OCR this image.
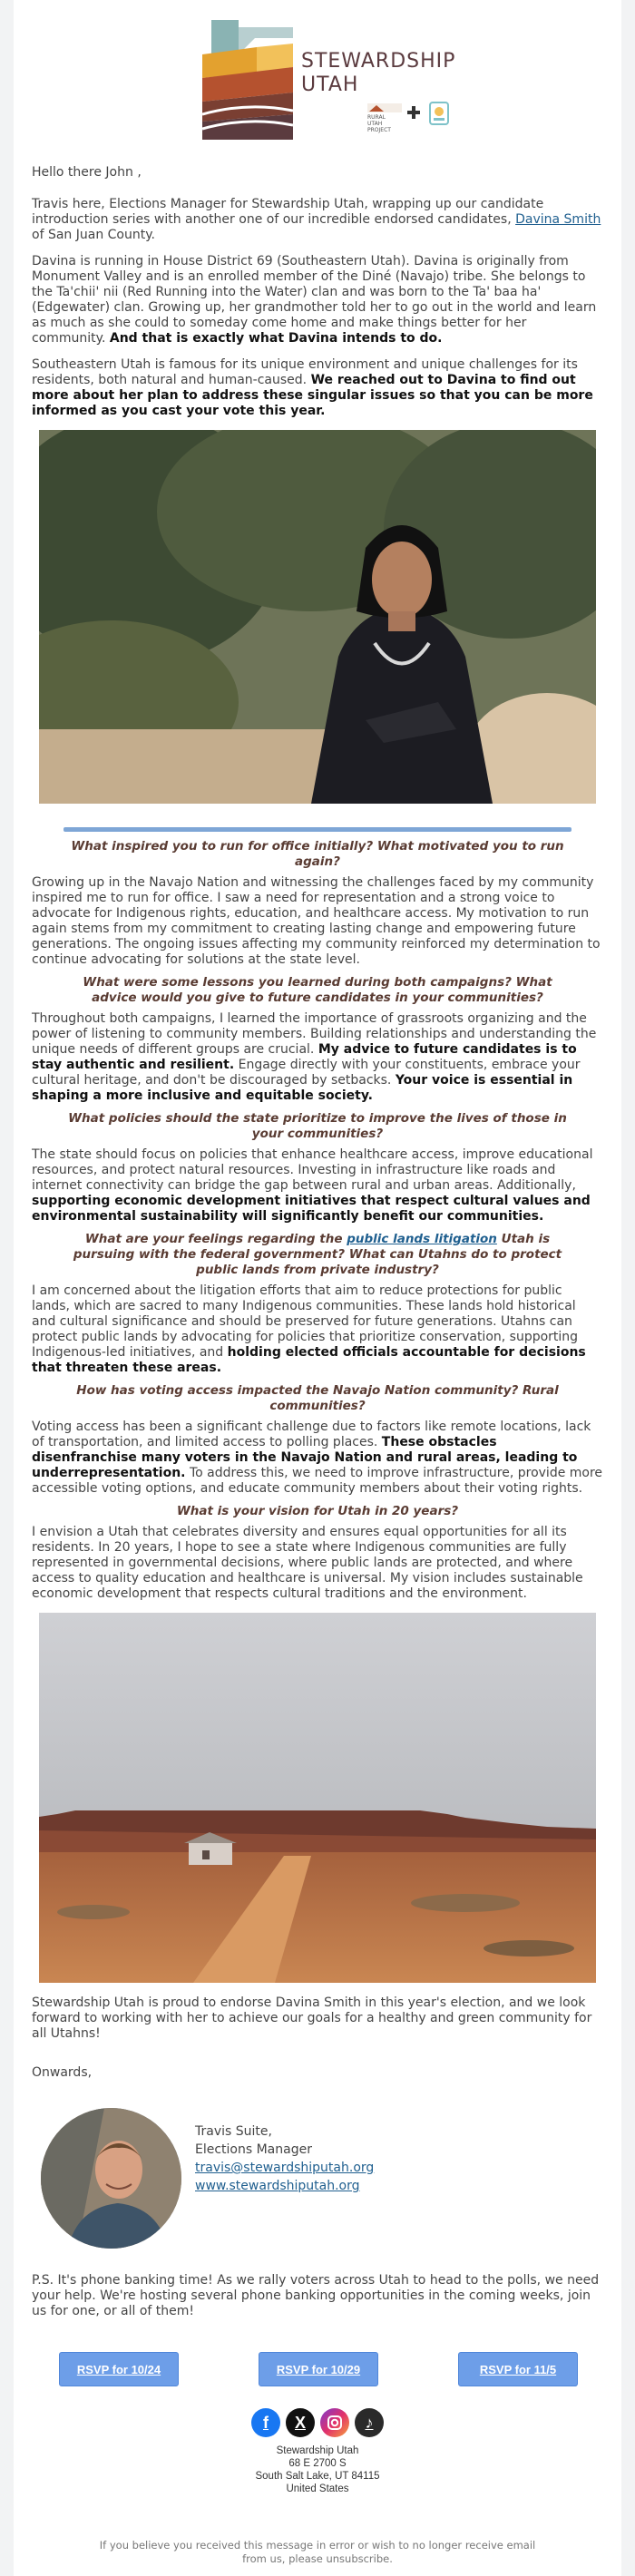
STEWARDSHIP
UTAH
RURAL UTAH PROJECT

Hello there John ,

Travis here, Elections Manager for Stewardship Utah, wrapping up our candidate introduction series with another one of our incredible endorsed candidates, Davina Smith of San Juan County.

Davina is running in House District 69 (Southeastern Utah). Davina is originally from Monument Valley and is an enrolled member of the Diné (Navajo) tribe. She belongs to the Ta'chii' nii (Red Running into the Water) clan and was born to the Ta' baa ha' (Edgewater) clan. Growing up, her grandmother told her to go out in the world and learn as much as she could to someday come home and make things better for her community. And that is exactly what Davina intends to do.

Southeastern Utah is famous for its unique environment and unique challenges for its residents, both natural and human-caused. We reached out to Davina to find out more about her plan to address these singular issues so that you can be more informed as you cast your vote this year.

What inspired you to run for office initially? What motivated you to run again?

Growing up in the Navajo Nation and witnessing the challenges faced by my community inspired me to run for office. I saw a need for representation and a strong voice to advocate for Indigenous rights, education, and healthcare access. My motivation to run again stems from my commitment to creating lasting change and empowering future generations. The ongoing issues affecting my community reinforced my determination to continue advocating for solutions at the state level.

What were some lessons you learned during both campaigns? What advice would you give to future candidates in your communities?

Throughout both campaigns, I learned the importance of grassroots organizing and the power of listening to community members. Building relationships and understanding the unique needs of different groups are crucial. My advice to future candidates is to stay authentic and resilient. Engage directly with your constituents, embrace your cultural heritage, and don't be discouraged by setbacks. Your voice is essential in shaping a more inclusive and equitable society.

What policies should the state prioritize to improve the lives of those in your communities?

The state should focus on policies that enhance healthcare access, improve educational resources, and protect natural resources. Investing in infrastructure like roads and internet connectivity can bridge the gap between rural and urban areas. Additionally, supporting economic development initiatives that respect cultural values and environmental sustainability will significantly benefit our communities.

What are your feelings regarding the public lands litigation Utah is pursuing with the federal government? What can Utahns do to protect public lands from private industry?

I am concerned about the litigation efforts that aim to reduce protections for public lands, which are sacred to many Indigenous communities. These lands hold historical and cultural significance and should be preserved for future generations. Utahns can protect public lands by advocating for policies that prioritize conservation, supporting Indigenous-led initiatives, and holding elected officials accountable for decisions that threaten these areas.

How has voting access impacted the Navajo Nation community? Rural communities?

Voting access has been a significant challenge due to factors like remote locations, lack of transportation, and limited access to polling places. These obstacles disenfranchise many voters in the Navajo Nation and rural areas, leading to underrepresentation. To address this, we need to improve infrastructure, provide more accessible voting options, and educate community members about their voting rights.

What is your vision for Utah in 20 years?

I envision a Utah that celebrates diversity and ensures equal opportunities for all its residents. In 20 years, I hope to see a state where Indigenous communities are fully represented in governmental decisions, where public lands are protected, and where access to quality education and healthcare is universal. My vision includes sustainable economic development that respects cultural traditions and the environment.

Stewardship Utah is proud to endorse Davina Smith in this year's election, and we look forward to working with her to achieve our goals for a healthy and green community for all Utahns!

Onwards,

Travis Suite,
Elections Manager
travis@stewardshiputah.org
www.stewardshiputah.org

P.S. It's phone banking time! As we rally voters across Utah to head to the polls, we need your help. We're hosting several phone banking opportunities in the coming weeks, join us for one, or all of them!

RSVP for 10/24	RSVP for 10/29	RSVP for 11/5
f	X	♪
Stewardship Utah
68 E 2700 S
South Salt Lake, UT 84115
United States
If you believe you received this message in error or wish to no longer receive email from us, please unsubscribe.
